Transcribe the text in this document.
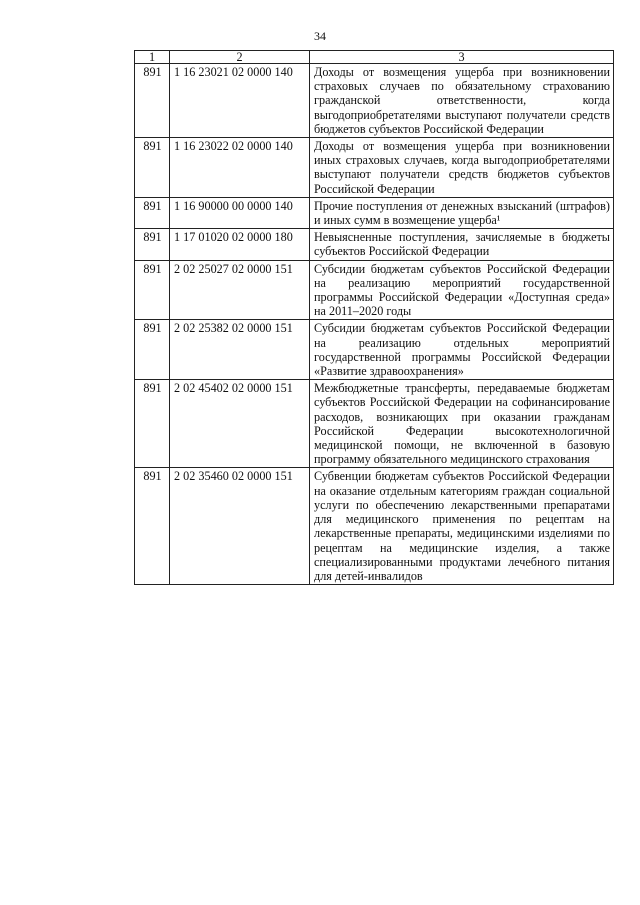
34
1	2	3
891	1 16 23021 02 0000 140	Доходы от возмещения ущерба при возникновении страховых случаев по обязательному страхованию гражданской ответственности, когда выгодоприобретателями выступают получатели средств бюджетов субъектов Российской Федерации
891	1 16 23022 02 0000 140	Доходы от возмещения ущерба при возникновении иных страховых случаев, когда выгодоприобретателями выступают получатели средств бюджетов субъектов Российской Федерации
891	1 16 90000 00 0000 140	Прочие поступления от денежных взысканий (штрафов) и иных сумм в возмещение ущерба¹
891	1 17 01020 02 0000 180	Невыясненные поступления, зачисляемые в бюджеты субъектов Российской Федерации
891	2 02 25027 02 0000 151	Субсидии бюджетам субъектов Российской Федерации на реализацию мероприятий государственной программы Российской Федерации «Доступная среда» на 2011–2020 годы
891	2 02 25382 02 0000 151	Субсидии бюджетам субъектов Российской Федерации на реализацию отдельных мероприятий государственной программы Российской Федерации «Развитие здравоохранения»
891	2 02 45402 02 0000 151	Межбюджетные трансферты, передаваемые бюджетам субъектов Российской Федерации на софинансирование расходов, возникающих при оказании гражданам Российской Федерации высокотехнологичной медицинской помощи, не включенной в базовую программу обязательного медицинского страхования
891	2 02 35460 02 0000 151	Субвенции бюджетам субъектов Российской Федерации на оказание отдельным категориям граждан социальной услуги по обеспечению лекарственными препаратами для медицинского применения по рецептам на лекарственные препараты, медицинскими изделиями по рецептам на медицинские изделия, а также специализированными продуктами лечебного питания для детей-инвалидов
